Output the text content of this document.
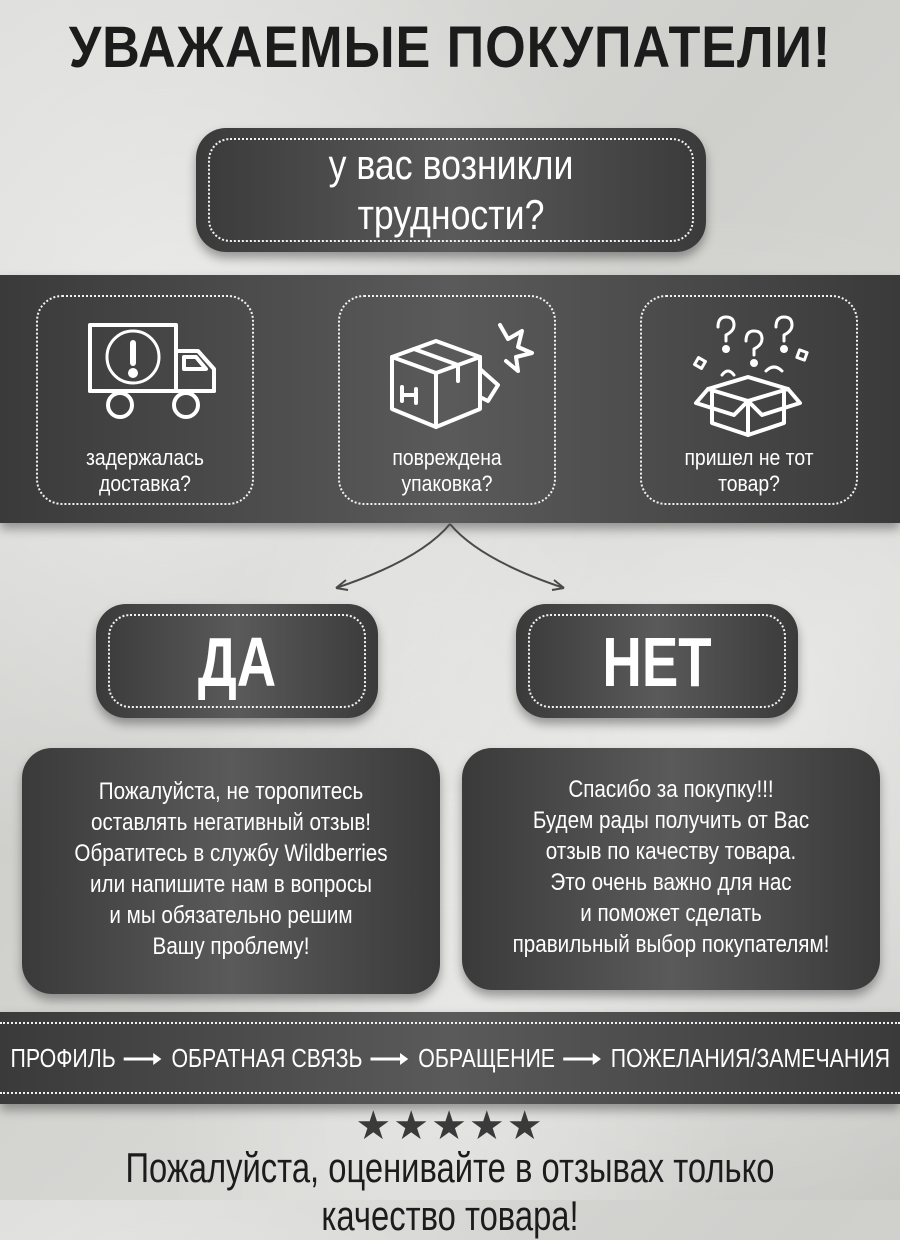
УВАЖАЕМЫЕ ПОКУПАТЕЛИ!
у вас возникли
трудности?
задержалась
доставка?
повреждена
упаковка?
пришел не тот
товар?
ДА	НЕТ
Пожалуйста, не торопитесь
оставлять негативный отзыв!
Обратитесь в службу Wildberries
или напишите нам в вопросы
и мы обязательно решим
Вашу проблему!
Спасибо за покупку!!!
Будем рады получить от Вас
отзыв по качеству товара.
Это очень важно для нас
и поможет сделать
правильный выбор покупателям!
ПРОФИЛЬ ОБРАТНАЯ СВЯЗЬ ОБРАЩЕНИЕ ПОЖЕЛАНИЯ/ЗАМЕЧАНИЯ
★★★★★
Пожалуйста, оценивайте в отзывах только качество товара!
